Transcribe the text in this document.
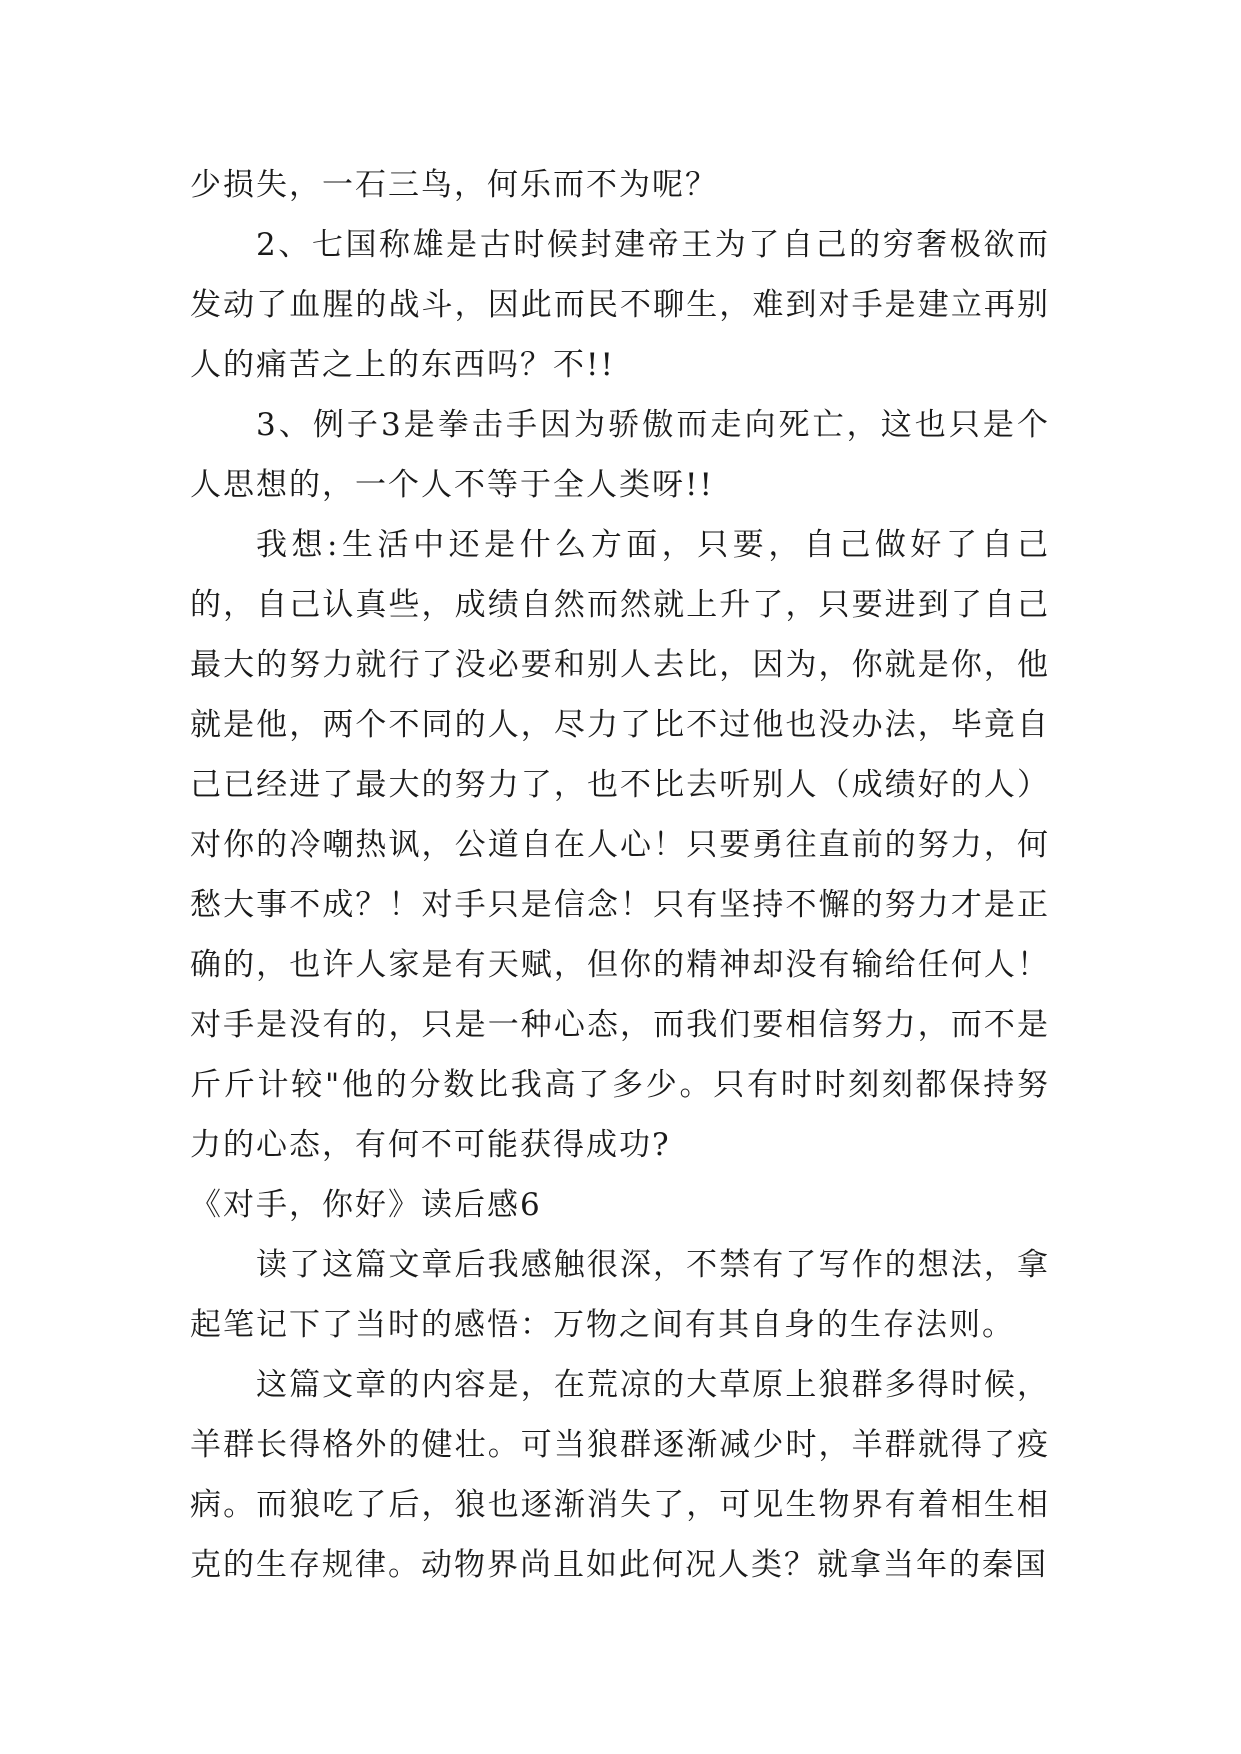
少损失，一石三鸟，何乐而不为呢？

2、七国称雄是古时候封建帝王为了自己的穷奢极欲而发动了血腥的战斗，因此而民不聊生，难到对手是建立再别人的痛苦之上的东西吗？不!!

3、例子3是拳击手因为骄傲而走向死亡，这也只是个人思想的，一个人不等于全人类呀!!

我想:生活中还是什么方面，只要，自己做好了自己的，自己认真些，成绩自然而然就上升了，只要进到了自己最大的努力就行了没必要和别人去比，因为，你就是你，他就是他，两个不同的人，尽力了比不过他也没办法，毕竟自己已经进了最大的努力了，也不比去听别人（成绩好的人）对你的冷嘲热讽，公道自在人心！只要勇往直前的努力，何愁大事不成？！对手只是信念！只有坚持不懈的努力才是正确的，也许人家是有天赋，但你的精神却没有输给任何人！对手是没有的，只是一种心态，而我们要相信努力，而不是斤斤计较"他的分数比我高了多少。只有时时刻刻都保持努力的心态，有何不可能获得成功?

《对手，你好》读后感6

读了这篇文章后我感触很深，不禁有了写作的想法，拿起笔记下了当时的感悟：万物之间有其自身的生存法则。

这篇文章的内容是，在荒凉的大草原上狼群多得时候，羊群长得格外的健壮。可当狼群逐渐减少时，羊群就得了疫病。而狼吃了后，狼也逐渐消失了，可见生物界有着相生相克的生存规律。动物界尚且如此何况人类？就拿当年的秦国
